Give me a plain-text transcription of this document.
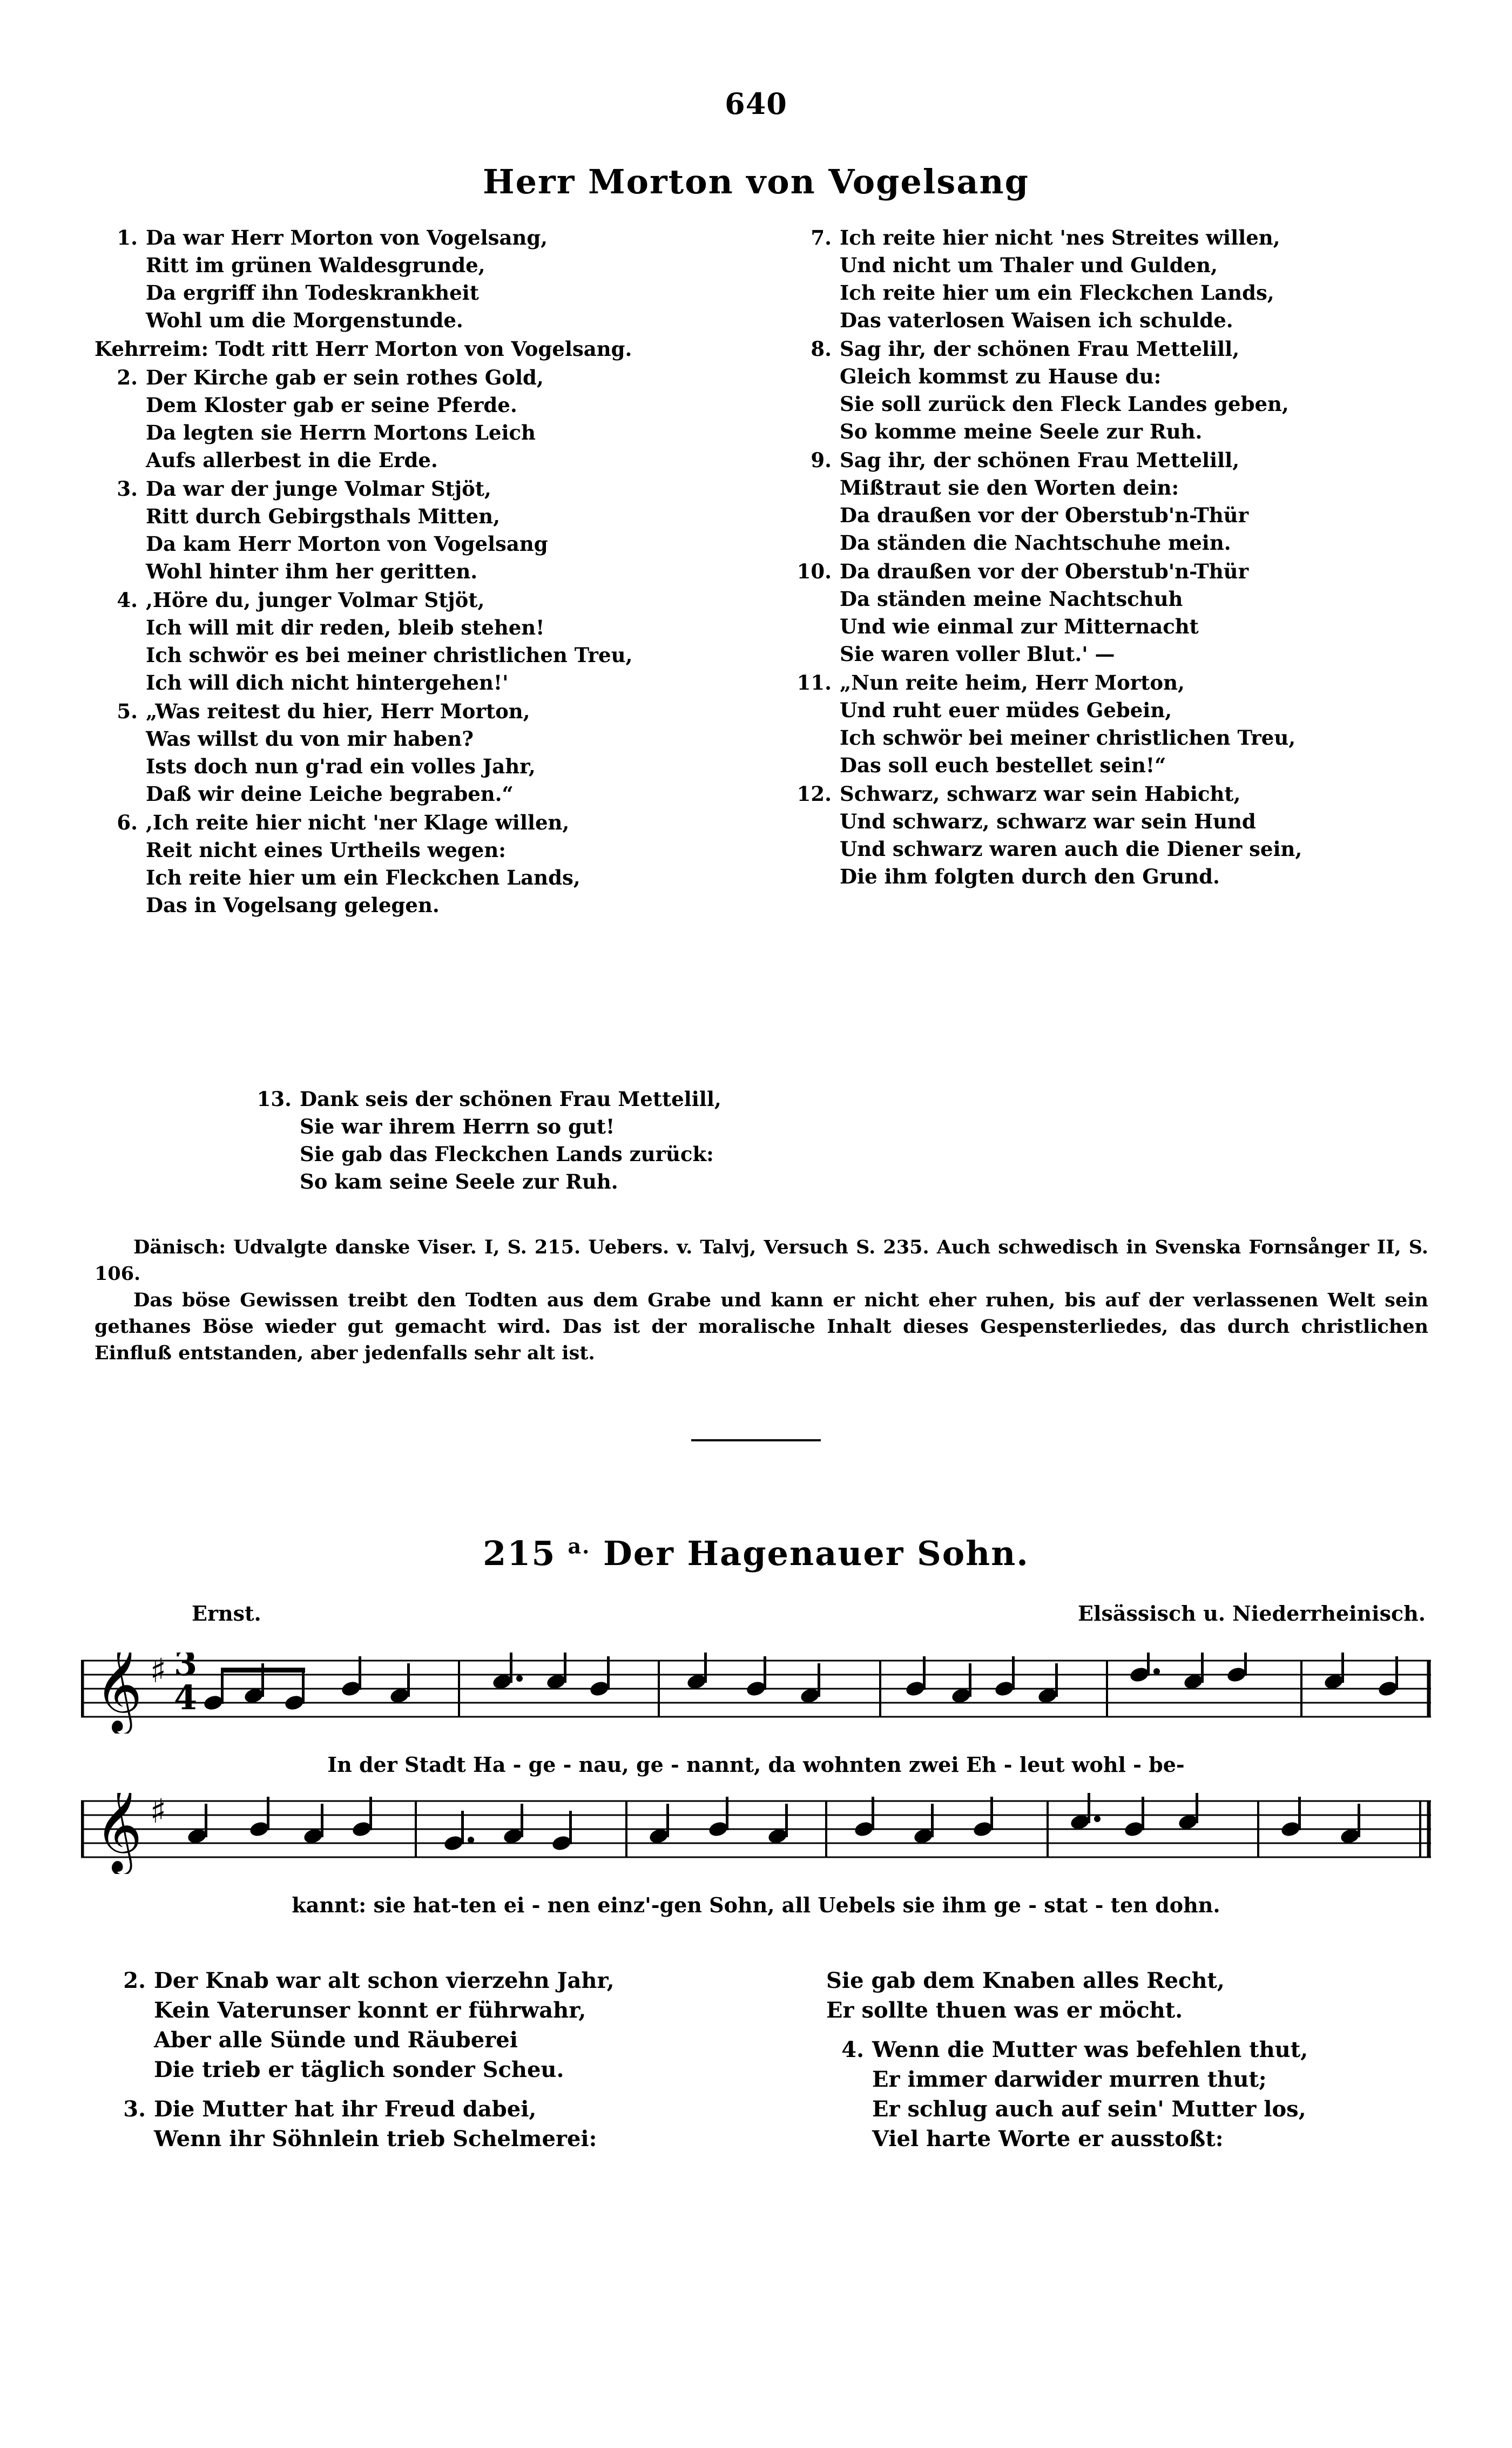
640
Herr Morton von Vogelsang
1. Da war Herr Morton von Vogelsang,
Ritt im grünen Waldesgrunde,
Da ergriff ihn Todeskrankheit
Wohl um die Morgenstunde.
Kehrreim: Todt ritt Herr Morton von Vogelsang.
2. Der Kirche gab er sein rothes Gold,
Dem Kloster gab er seine Pferde.
Da legten sie Herrn Mortons Leich
Aufs allerbest in die Erde.
3. Da war der junge Volmar Stjöt,
Ritt durch Gebirgsthals Mitten,
Da kam Herr Morton von Vogelsang
Wohl hinter ihm her geritten.
4. ,Höre du, junger Volmar Stjöt,
Ich will mit dir reden, bleib stehen!
Ich schwör es bei meiner christlichen Treu,
Ich will dich nicht hintergehen!'
5. „Was reitest du hier, Herr Morton,
Was willst du von mir haben?
Ists doch nun g'rad ein volles Jahr,
Daß wir deine Leiche begraben.“
6. ,Ich reite hier nicht 'ner Klage willen,
Reit nicht eines Urtheils wegen:
Ich reite hier um ein Fleckchen Lands,
Das in Vogelsang gelegen.
7. Ich reite hier nicht 'nes Streites willen,
Und nicht um Thaler und Gulden,
Ich reite hier um ein Fleckchen Lands,
Das vaterlosen Waisen ich schulde.
8. Sag ihr, der schönen Frau Mettelill,
Gleich kommst zu Hause du:
Sie soll zurück den Fleck Landes geben,
So komme meine Seele zur Ruh.
9. Sag ihr, der schönen Frau Mettelill,
Mißtraut sie den Worten dein:
Da draußen vor der Oberstub'n-Thür
Da ständen die Nachtschuhe mein.
10. Da draußen vor der Oberstub'n-Thür
Da ständen meine Nachtschuh
Und wie einmal zur Mitternacht
Sie waren voller Blut.' —
11. „Nun reite heim, Herr Morton,
Und ruht euer müdes Gebein,
Ich schwör bei meiner christlichen Treu,
Das soll euch bestellet sein!“
12. Schwarz, schwarz war sein Habicht,
Und schwarz, schwarz war sein Hund
Und schwarz waren auch die Diener sein,
Die ihm folgten durch den Grund.
13. Dank seis der schönen Frau Mettelill,
Sie war ihrem Herrn so gut!
Sie gab das Fleckchen Lands zurück:
So kam seine Seele zur Ruh.

Dänisch: Udvalgte danske Viser. I, S. 215. Uebers. v. Talvj, Versuch S. 235. Auch schwedisch in Svenska Fornsånger II, S. 106.

Das böse Gewissen treibt den Todten aus dem Grabe und kann er nicht eher ruhen, bis auf der verlassenen Welt sein gethanes Böse wieder gut gemacht wird. Das ist der moralische Inhalt dieses Gespensterliedes, das durch christlichen Einfluß entstanden, aber jedenfalls sehr alt ist.

215 $^{a.}$ Der Hagenauer Sohn.
Ernst.	Elsässisch u. Niederrheinisch.
𝄞 ♯ 3
4
In der Stadt Ha - ge - nau, ge - nannt, da wohnten zwei Eh - leut wohl - be-
𝄞 ♯
kannt: sie hat-ten ei - nen einz'-gen Sohn, all Uebels sie ihm ge - stat - ten dohn.
2. Der Knab war alt schon vierzehn Jahr,
Kein Vaterunser konnt er führwahr,
Aber alle Sünde und Räuberei
Die trieb er täglich sonder Scheu.
3. Die Mutter hat ihr Freud dabei,
Wenn ihr Söhnlein trieb Schelmerei:
Sie gab dem Knaben alles Recht,
Er sollte thuen was er möcht.
4. Wenn die Mutter was befehlen thut,
Er immer darwider murren thut;
Er schlug auch auf sein' Mutter los,
Viel harte Worte er ausstoßt:
